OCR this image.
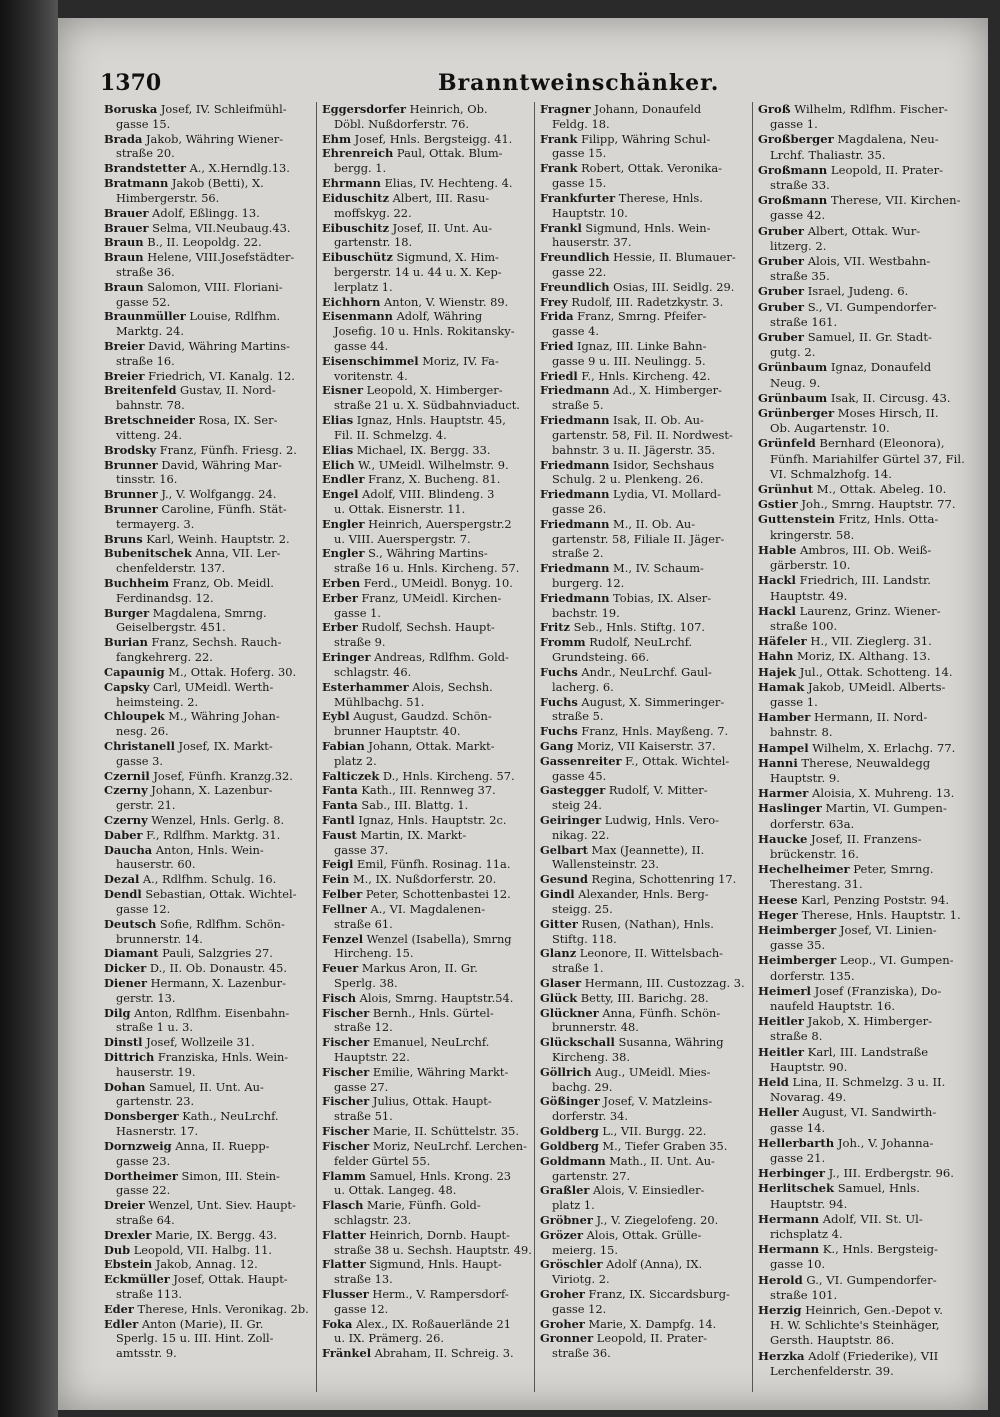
1370	Branntweinschänker.
Boruska Josef, IV. Schleifmühl-
gasse 15.
Brada Jakob, Währing Wiener-
straße 20.
Brandstetter A., X.Herndlg.13.
Bratmann Jakob (Betti), X.
Himbergerstr. 56.
Brauer Adolf, Eßlingg. 13.
Brauer Selma, VII.Neubaug.43.
Braun B., II. Leopoldg. 22.
Braun Helene, VIII.Josefstädter-
straße 36.
Braun Salomon, VIII. Floriani-
gasse 52.
Braunmüller Louise, Rdlfhm.
Marktg. 24.
Breier David, Währing Martins-
straße 16.
Breier Friedrich, VI. Kanalg. 12.
Breitenfeld Gustav, II. Nord-
bahnstr. 78.
Bretschneider Rosa, IX. Ser-
vitteng. 24.
Brodsky Franz, Fünfh. Friesg. 2.
Brunner David, Währing Mar-
tinsstr. 16.
Brunner J., V. Wolfgangg. 24.
Brunner Caroline, Fünfh. Stät-
termayerg. 3.
Bruns Karl, Weinh. Hauptstr. 2.
Bubenitschek Anna, VII. Ler-
chenfelderstr. 137.
Buchheim Franz, Ob. Meidl.
Ferdinandsg. 12.
Burger Magdalena, Smrng.
Geiselbergstr. 451.
Burian Franz, Sechsh. Rauch-
fangkehrerg. 22.
Capaunig M., Ottak. Hoferg. 30.
Capsky Carl, UMeidl. Werth-
heimsteing. 2.
Chloupek M., Währing Johan-
nesg. 26.
Christanell Josef, IX. Markt-
gasse 3.
Czernil Josef, Fünfh. Kranzg.32.
Czerny Johann, X. Lazenbur-
gerstr. 21.
Czerny Wenzel, Hnls. Gerlg. 8.
Daber F., Rdlfhm. Marktg. 31.
Daucha Anton, Hnls. Wein-
hauserstr. 60.
Dezal A., Rdlfhm. Schulg. 16.
Dendl Sebastian, Ottak. Wichtel-
gasse 12.
Deutsch Sofie, Rdlfhm. Schön-
brunnerstr. 14.
Diamant Pauli, Salzgries 27.
Dicker D., II. Ob. Donaustr. 45.
Diener Hermann, X. Lazenbur-
gerstr. 13.
Dilg Anton, Rdlfhm. Eisenbahn-
straße 1 u. 3.
Dinstl Josef, Wollzeile 31.
Dittrich Franziska, Hnls. Wein-
hauserstr. 19.
Dohan Samuel, II. Unt. Au-
gartenstr. 23.
Donsberger Kath., NeuLrchf.
Hasnerstr. 17.
Dornzweig Anna, II. Ruepp-
gasse 23.
Dortheimer Simon, III. Stein-
gasse 22.
Dreier Wenzel, Unt. Siev. Haupt-
straße 64.
Drexler Marie, IX. Bergg. 43.
Dub Leopold, VII. Halbg. 11.
Ebstein Jakob, Annag. 12.
Eckmüller Josef, Ottak. Haupt-
straße 113.
Eder Therese, Hnls. Veronikag. 2b.
Edler Anton (Marie), II. Gr.
Sperlg. 15 u. III. Hint. Zoll-amtsstr. 9.
Eggersdorfer Heinrich, Ob.
Döbl. Nußdorferstr. 76.
Ehm Josef, Hnls. Bergsteigg. 41.
Ehrenreich Paul, Ottak. Blum-
bergg. 1.
Ehrmann Elias, IV. Hechteng. 4.
Eiduschitz Albert, III. Rasu-
moffskyg. 22.
Eibuschitz Josef, II. Unt. Au-
gartenstr. 18.
Eibuschütz Sigmund, X. Him-
bergerstr. 14 u. 44 u. X. Kep-lerplatz 1.
Eichhorn Anton, V. Wienstr. 89.
Eisenmann Adolf, Währing
Josefig. 10 u. Hnls. Rokitansky-gasse 44.
Eisenschimmel Moriz, IV. Fa-
voritenstr. 4.
Eisner Leopold, X. Himberger-
straße 21 u. X. Südbahnviaduct.
Elias Ignaz, Hnls. Hauptstr. 45,
Fil. II. Schmelzg. 4.
Elias Michael, IX. Bergg. 33.
Elich W., UMeidl. Wilhelmstr. 9.
Endler Franz, X. Bucheng. 81.
Engel Adolf, VIII. Blindeng. 3
u. Ottak. Eisnerstr. 11.
Engler Heinrich, Auerspergstr.2
u. VIII. Auerspergstr. 7.
Engler S., Währing Martins-
straße 16 u. Hnls. Kircheng. 57.
Erben Ferd., UMeidl. Bonyg. 10.
Erber Franz, UMeidl. Kirchen-
gasse 1.
Erber Rudolf, Sechsh. Haupt-
straße 9.
Eringer Andreas, Rdlfhm. Gold-
schlagstr. 46.
Esterhammer Alois, Sechsh.
Mühlbachg. 51.
Eybl August, Gaudzd. Schön-
brunner Hauptstr. 40.
Fabian Johann, Ottak. Markt-
platz 2.
Falticzek D., Hnls. Kircheng. 57.
Fanta Kath., III. Rennweg 37.
Fanta Sab., III. Blattg. 1.
Fantl Ignaz, Hnls. Hauptstr. 2c.
Faust Martin, IX. Markt-
gasse 37.
Feigl Emil, Fünfh. Rosinag. 11a.
Fein M., IX. Nußdorferstr. 20.
Felber Peter, Schottenbastei 12.
Fellner A., VI. Magdalenen-
straße 61.
Fenzel Wenzel (Isabella), Smrng
Hircheng. 15.
Feuer Markus Aron, II. Gr.
Sperlg. 38.
Fisch Alois, Smrng. Hauptstr.54.
Fischer Bernh., Hnls. Gürtel-
straße 12.
Fischer Emanuel, NeuLrchf.
Hauptstr. 22.
Fischer Emilie, Währing Markt-
gasse 27.
Fischer Julius, Ottak. Haupt-
straße 51.
Fischer Marie, II. Schüttelstr. 35.
Fischer Moriz, NeuLrchf. Lerchen-
felder Gürtel 55.
Flamm Samuel, Hnls. Krong. 23
u. Ottak. Langeg. 48.
Flasch Marie, Fünfh. Gold-
schlagstr. 23.
Flatter Heinrich, Dornb. Haupt-
straße 38 u. Sechsh. Hauptstr. 49.
Flatter Sigmund, Hnls. Haupt-
straße 13.
Flusser Herm., V. Rampersdorf-
gasse 12.
Foka Alex., IX. Roßauerlände 21
u. IX. Prämerg. 26.
Fränkel Abraham, II. Schreig. 3.
Fragner Johann, Donaufeld
Feldg. 18.
Frank Filipp, Währing Schul-
gasse 15.
Frank Robert, Ottak. Veronika-
gasse 15.
Frankfurter Therese, Hnls.
Hauptstr. 10.
Frankl Sigmund, Hnls. Wein-
hauserstr. 37.
Freundlich Hessie, II. Blumauer-
gasse 22.
Freundlich Osias, III. Seidlg. 29.
Frey Rudolf, III. Radetzkystr. 3.
Frida Franz, Smrng. Pfeifer-
gasse 4.
Fried Ignaz, III. Linke Bahn-
gasse 9 u. III. Neulingg. 5.
Friedl F., Hnls. Kircheng. 42.
Friedmann Ad., X. Himberger-
straße 5.
Friedmann Isak, II. Ob. Au-
gartenstr. 58, Fil. II. Nordwest-bahnstr. 3 u. II. Jägerstr. 35.
Friedmann Isidor, Sechshaus
Schulg. 2 u. Plenkeng. 26.
Friedmann Lydia, VI. Mollard-
gasse 26.
Friedmann M., II. Ob. Au-
gartenstr. 58, Filiale II. Jäger-straße 2.
Friedmann M., IV. Schaum-
burgerg. 12.
Friedmann Tobias, IX. Alser-
bachstr. 19.
Fritz Seb., Hnls. Stiftg. 107.
Fromm Rudolf, NeuLrchf.
Grundsteing. 66.
Fuchs Andr., NeuLrchf. Gaul-
lacherg. 6.
Fuchs August, X. Simmeringer-
straße 5.
Fuchs Franz, Hnls. Mayßeng. 7.
Gang Moriz, VII Kaiserstr. 37.
Gassenreiter F., Ottak. Wichtel-
gasse 45.
Gastegger Rudolf, V. Mitter-
steig 24.
Geiringer Ludwig, Hnls. Vero-
nikag. 22.
Gelbart Max (Jeannette), II.
Wallensteinstr. 23.
Gesund Regina, Schottenring 17.
Gindl Alexander, Hnls. Berg-
steigg. 25.
Gitter Rusen, (Nathan), Hnls.
Stiftg. 118.
Glanz Leonore, II. Wittelsbach-
straße 1.
Glaser Hermann, III. Custozzag. 3.
Glück Betty, III. Barichg. 28.
Glückner Anna, Fünfh. Schön-
brunnerstr. 48.
Glückschall Susanna, Währing
Kircheng. 38.
Göllrich Aug., UMeidl. Mies-
bachg. 29.
Gößinger Josef, V. Matzleins-
dorferstr. 34.
Goldberg L., VII. Burgg. 22.
Goldberg M., Tiefer Graben 35.
Goldmann Math., II. Unt. Au-
gartenstr. 27.
Graßler Alois, V. Einsiedler-
platz 1.
Gröbner J., V. Ziegelofeng. 20.
Grözer Alois, Ottak. Grülle-
meierg. 15.
Gröschler Adolf (Anna), IX.
Viriotg. 2.
Groher Franz, IX. Siccardsburg-
gasse 12.
Groher Marie, X. Dampfg. 14.
Gronner Leopold, II. Prater-
straße 36.
Groß Wilhelm, Rdlfhm. Fischer-
gasse 1.
Großberger Magdalena, Neu-
Lrchf. Thaliastr. 35.
Großmann Leopold, II. Prater-
straße 33.
Großmann Therese, VII. Kirchen-
gasse 42.
Gruber Albert, Ottak. Wur-
litzerg. 2.
Gruber Alois, VII. Westbahn-
straße 35.
Gruber Israel, Judeng. 6.
Gruber S., VI. Gumpendorfer-
straße 161.
Gruber Samuel, II. Gr. Stadt-
gutg. 2.
Grünbaum Ignaz, Donaufeld
Neug. 9.
Grünbaum Isak, II. Circusg. 43.
Grünberger Moses Hirsch, II.
Ob. Augartenstr. 10.
Grünfeld Bernhard (Eleonora),
Fünfh. Mariahilfer Gürtel 37, Fil. VI. Schmalzhofg. 14.
Grünhut M., Ottak. Abeleg. 10.
Gstier Joh., Smrng. Hauptstr. 77.
Guttenstein Fritz, Hnls. Otta-
kringerstr. 58.
Hable Ambros, III. Ob. Weiß-
gärberstr. 10.
Hackl Friedrich, III. Landstr.
Hauptstr. 49.
Hackl Laurenz, Grinz. Wiener-
straße 100.
Häfeler H., VII. Zieglerg. 31.
Hahn Moriz, IX. Althang. 13.
Hajek Jul., Ottak. Schotteng. 14.
Hamak Jakob, UMeidl. Alberts-
gasse 1.
Hamber Hermann, II. Nord-
bahnstr. 8.
Hampel Wilhelm, X. Erlachg. 77.
Hanni Therese, Neuwaldegg
Hauptstr. 9.
Harmer Aloisia, X. Muhreng. 13.
Haslinger Martin, VI. Gumpen-
dorferstr. 63a.
Haucke Josef, II. Franzens-
brückenstr. 16.
Hechelheimer Peter, Smrng.
Therestang. 31.
Heese Karl, Penzing Poststr. 94.
Heger Therese, Hnls. Hauptstr. 1.
Heimberger Josef, VI. Linien-
gasse 35.
Heimberger Leop., VI. Gumpen-
dorferstr. 135.
Heimerl Josef (Franziska), Do-
naufeld Hauptstr. 16.
Heitler Jakob, X. Himberger-
straße 8.
Heitler Karl, III. Landstraße
Hauptstr. 90.
Held Lina, II. Schmelzg. 3 u. II.
Novarag. 49.
Heller August, VI. Sandwirth-
gasse 14.
Hellerbarth Joh., V. Johanna-
gasse 21.
Herbinger J., III. Erdbergstr. 96.
Herlitschek Samuel, Hnls.
Hauptstr. 94.
Hermann Adolf, VII. St. Ul-
richsplatz 4.
Hermann K., Hnls. Bergsteig-
gasse 10.
Herold G., VI. Gumpendorfer-
straße 101.
Herzig Heinrich, Gen.-Depot v.
H. W. Schlichte's Steinhäger, Gersth. Hauptstr. 86.
Herzka Adolf (Friederike), VII
Lerchenfelderstr. 39.
